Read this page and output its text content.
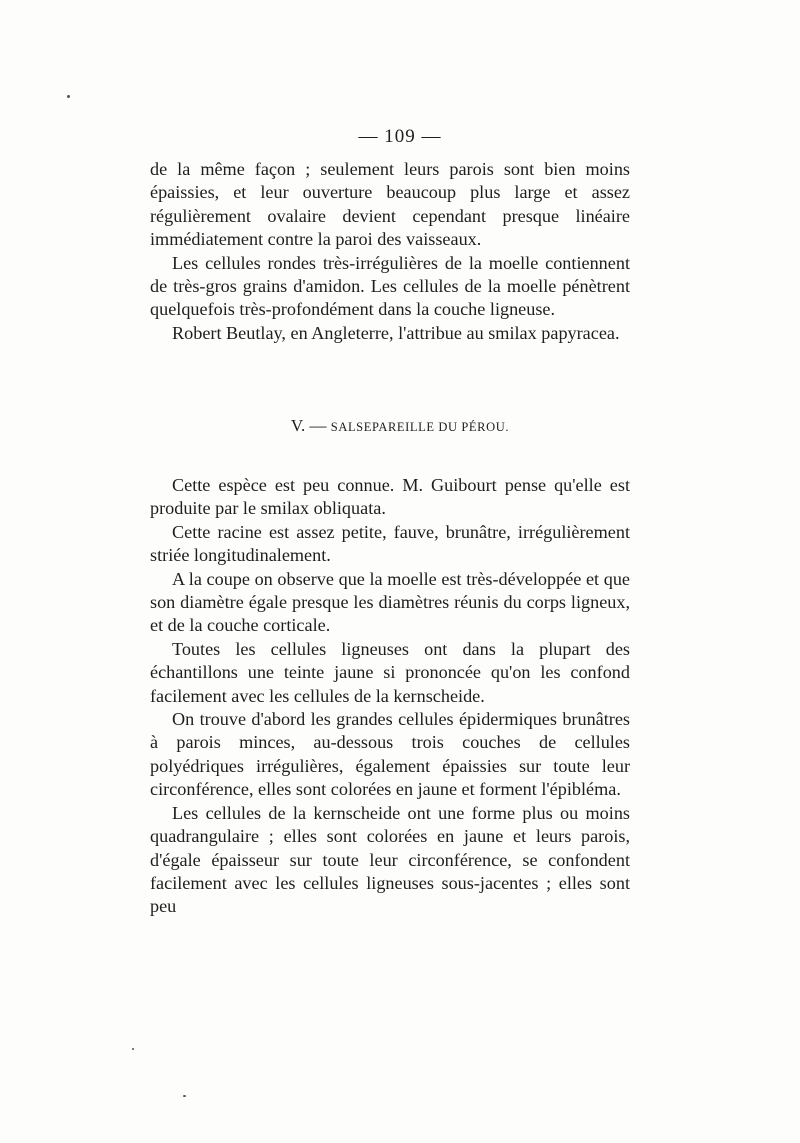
— 109 —

de la même façon ; seulement leurs parois sont bien moins épaissies, et leur ouverture beaucoup plus large et assez régulièrement ovalaire devient cependant presque linéaire immédiatement contre la paroi des vaisseaux.

Les cellules rondes très-irrégulières de la moelle contiennent de très-gros grains d'amidon. Les cellules de la moelle pénètrent quelquefois très-profondément dans la couche ligneuse.

Robert Beutlay, en Angleterre, l'attribue au smilax papyracea.

V. — SALSEPAREILLE DU PÉROU.

Cette espèce est peu connue. M. Guibourt pense qu'elle est produite par le smilax obliquata.

Cette racine est assez petite, fauve, brunâtre, irrégulièrement striée longitudinalement.

A la coupe on observe que la moelle est très-développée et que son diamètre égale presque les diamètres réunis du corps ligneux, et de la couche corticale.

Toutes les cellules ligneuses ont dans la plupart des échantillons une teinte jaune si prononcée qu'on les confond facilement avec les cellules de la kernscheide.

On trouve d'abord les grandes cellules épidermiques brunâtres à parois minces, au-dessous trois couches de cellules polyédriques irrégulières, également épaissies sur toute leur circonférence, elles sont colorées en jaune et forment l'épibléma.

Les cellules de la kernscheide ont une forme plus ou moins quadrangulaire ; elles sont colorées en jaune et leurs parois, d'égale épaisseur sur toute leur circonférence, se confondent facilement avec les cellules ligneuses sous-jacentes ; elles sont peu
